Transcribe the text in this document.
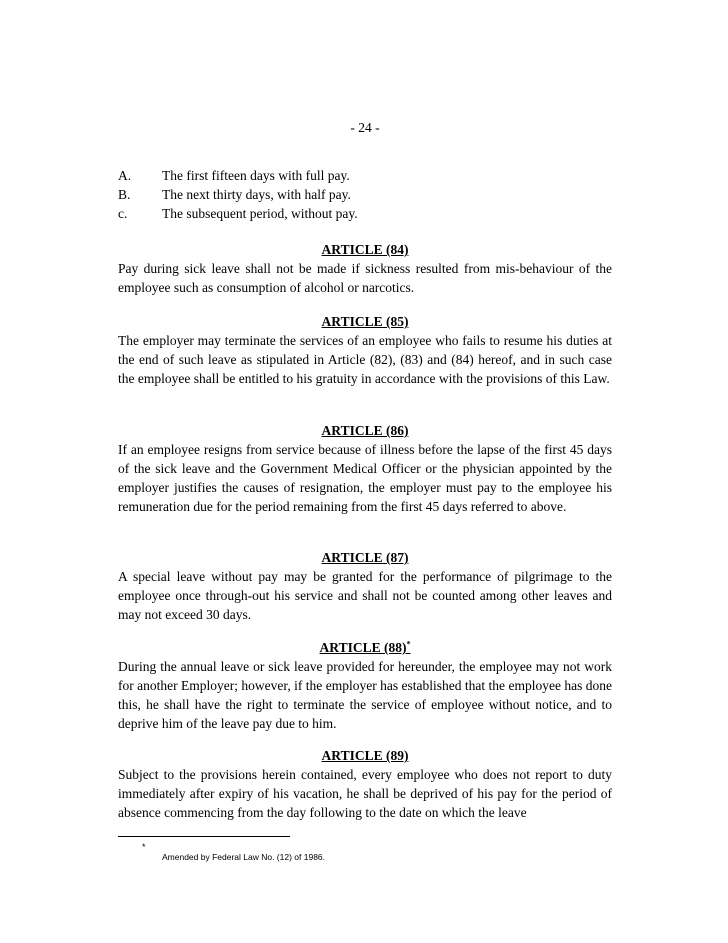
- 24 -
A.	The first fifteen days with full pay.
B.	The next thirty days, with half pay.
c.	The subsequent period, without pay.
ARTICLE (84)

Pay during sick leave shall not be made if sickness resulted from mis-behaviour of the employee such as consumption of alcohol or narcotics.

ARTICLE (85)

The employer may terminate the services of an employee who fails to resume his duties at the end of such leave as stipulated in Article (82), (83) and (84) hereof, and in such case the employee shall be entitled to his gratuity in accordance with the provisions of this Law.

ARTICLE (86)

If an employee resigns from service because of illness before the lapse of the first 45 days of the sick leave and the Government Medical Officer or the physician appointed by the employer justifies the causes of resignation, the employer must pay to the employee his remuneration due for the period remaining from the first 45 days referred to above.

ARTICLE (87)

A special leave without pay may be granted for the performance of pilgrimage to the employee once through-out his service and shall not be counted among other leaves and may not exceed 30 days.

ARTICLE (88)*

During the annual leave or sick leave provided for hereunder, the employee may not work for another Employer; however, if the employer has established that the employee has done this, he shall have the right to terminate the service of employee without notice, and to deprive him of the leave pay due to him.

ARTICLE (89)

Subject to the provisions herein contained, every employee who does not report to duty immediately after expiry of his vacation, he shall be deprived of his pay for the period of absence commencing from the day following to the date on which the leave

*
Amended by Federal Law No. (12) of 1986.
